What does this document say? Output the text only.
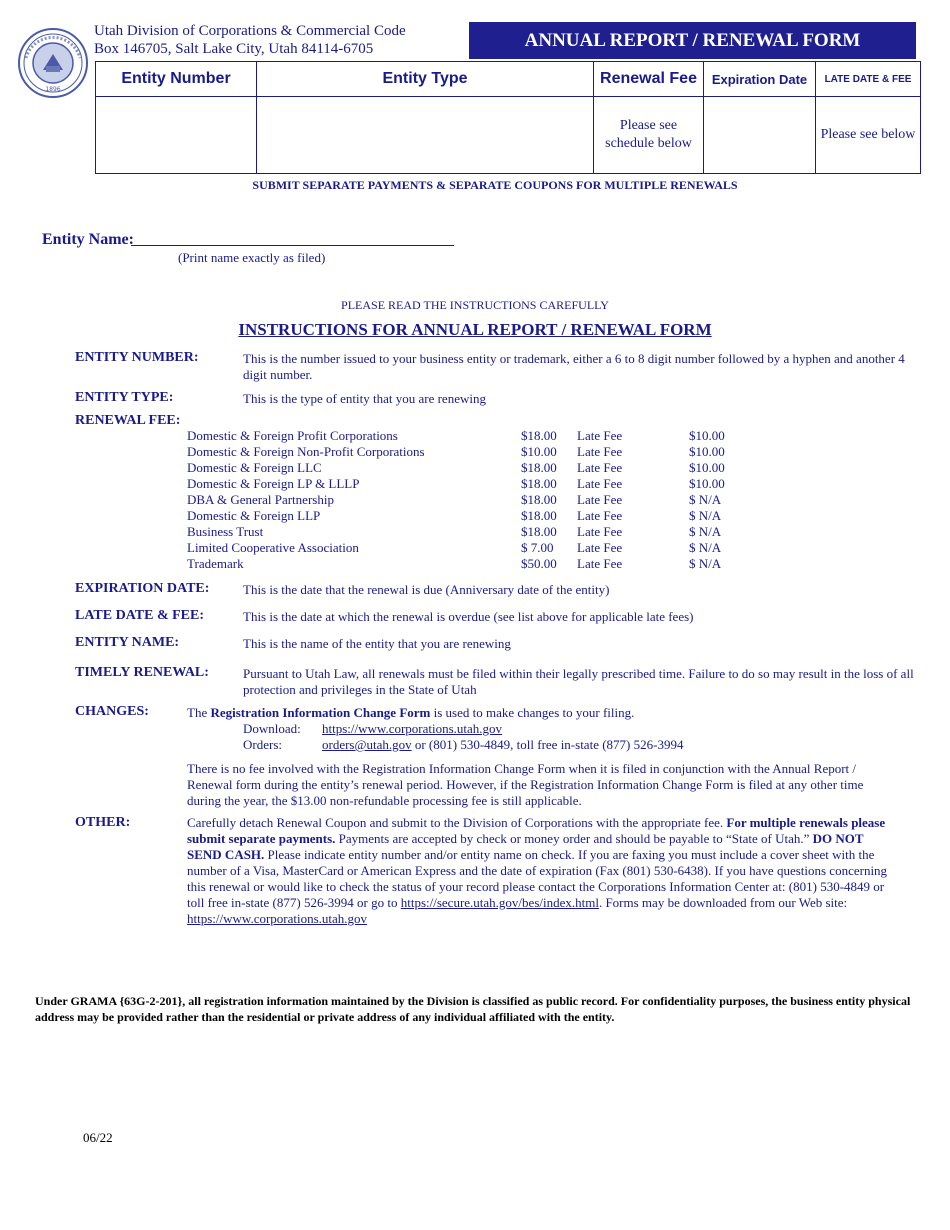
1896
Utah Division of Corporations & Commercial Code
Box 146705, Salt Lake City, Utah 84114-6705	ANNUAL REPORT / RENEWAL FORM
Entity Number	Entity Type	Renewal Fee	Expiration Date	LATE DATE & FEE
		Please see schedule below		Please see below
SUBMIT SEPARATE PAYMENTS & SEPARATE COUPONS FOR MULTIPLE RENEWALS
Entity Name:
(Print name exactly as filed)
PLEASE READ THE INSTRUCTIONS CAREFULLY
INSTRUCTIONS FOR ANNUAL REPORT / RENEWAL FORM
ENTITY NUMBER:	This is the number issued to your business entity or trademark, either a 6 to 8 digit number followed by a hyphen and another 4 digit number.
ENTITY TYPE:	This is the type of entity that you are renewing
RENEWAL FEE:
Domestic & Foreign Profit Corporations	$18.00	Late Fee	$10.00
Domestic & Foreign Non-Profit Corporations	$10.00	Late Fee	$10.00
Domestic & Foreign LLC	$18.00	Late Fee	$10.00
Domestic & Foreign LP & LLLP	$18.00	Late Fee	$10.00
DBA & General Partnership	$18.00	Late Fee	$ N/A
Domestic & Foreign LLP	$18.00	Late Fee	$ N/A
Business Trust	$18.00	Late Fee	$ N/A
Limited Cooperative Association	$ 7.00	Late Fee	$ N/A
Trademark	$50.00	Late Fee	$ N/A
EXPIRATION DATE:	This is the date that the renewal is due (Anniversary date of the entity)
LATE DATE & FEE:	This is the date at which the renewal is overdue (see list above for applicable late fees)
ENTITY NAME:	This is the name of the entity that you are renewing
TIMELY RENEWAL:	Pursuant to Utah Law, all renewals must be filed within their legally prescribed time. Failure to do so may result in the loss of all protection and privileges in the State of Utah
CHANGES:	The Registration Information Change Form is used to make changes to your filing.
Download: https://www.corporations.utah.gov
Orders:	orders@utah.gov or (801) 530-4849, toll free in-state (877) 526-3994
There is no fee involved with the Registration Information Change Form when it is filed in conjunction with the Annual Report / Renewal form during the entity’s renewal period. However, if the Registration Information Change Form is filed at any other time during the year, the $13.00 non-refundable processing fee is still applicable.
OTHER:	Carefully detach Renewal Coupon and submit to the Division of Corporations with the appropriate fee. For multiple renewals please submit separate payments. Payments are accepted by check or money order and should be payable to “State of Utah.” DO NOT SEND CASH. Please indicate entity number and/or entity name on check. If you are faxing you must include a cover sheet with the number of a Visa, MasterCard or American Express and the date of expiration (Fax (801) 530-6438). If you have questions concerning this renewal or would like to check the status of your record please contact the Corporations Information Center at: (801) 530-4849 or toll free in-state (877) 526-3994 or go to https://secure.utah.gov/bes/index.html. Forms may be downloaded from our Web site: https://www.corporations.utah.gov
Under GRAMA {63G-2-201}, all registration information maintained by the Division is classified as public record. For confidentiality purposes, the business entity physical address may be provided rather than the residential or private address of any individual affiliated with the entity.
06/22
